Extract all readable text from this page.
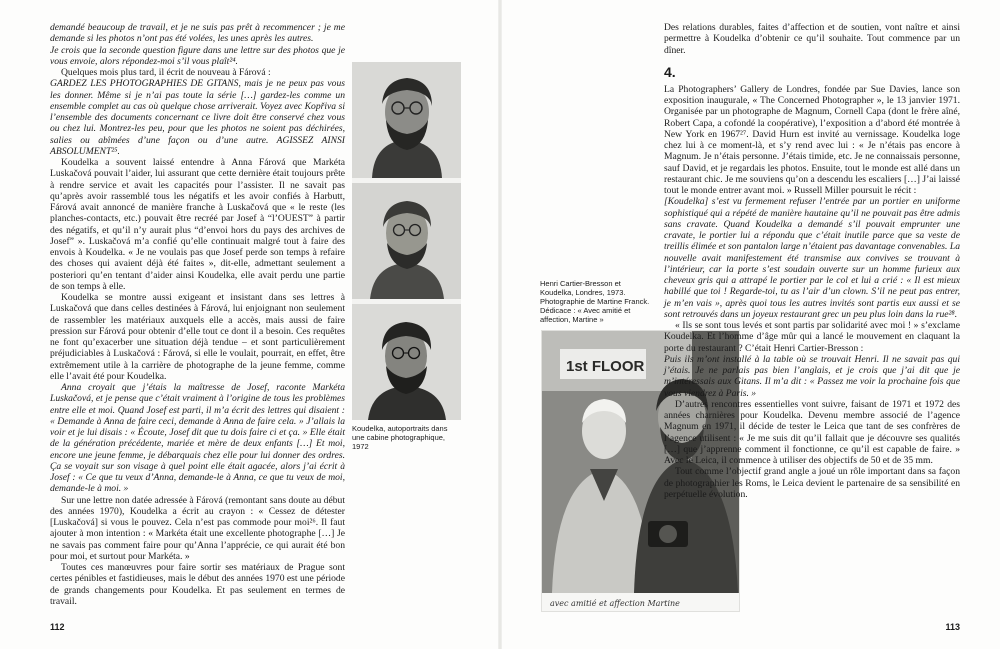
demandé beaucoup de travail, et je ne suis pas prêt à recommencer ; je me demande si les photos n’ont pas été volées, les unes après les autres.

Je crois que la seconde question figure dans une lettre sur des photos que je vous envoie, alors répondez-moi s’il vous plaît²⁴.

Quelques mois plus tard, il écrit de nouveau à Fárová :

GARDEZ LES PHOTOGRAPHIES DE GITANS, mais je ne peux pas vous les donner. Même si je n’ai pas toute la série […] gardez-les comme un ensemble complet au cas où quelque chose arriverait. Voyez avec Kopřiva si l’ensemble des documents concernant ce livre doit être conservé chez vous ou chez lui. Montrez-les peu, pour que les photos ne soient pas déchirées, salies ou abîmées d’une façon ou d’une autre. AGISSEZ AINSI ABSOLUMENT²⁵.

Koudelka a souvent laissé entendre à Anna Fárová que Markéta Luskačová pouvait l’aider, lui assurant que cette dernière était toujours prête à rendre service et avait les capacités pour l’assister. Il ne savait pas qu’après avoir rassemblé tous les négatifs et les avoir confiés à Harbutt, Fárová avait annoncé de manière franche à Luskačová que « le reste (les planches-contacts, etc.) pouvait être recréé par Josef à “l’OUEST” à partir des négatifs, et qu’il n’y aurait plus “d’envoi hors du pays des archives de Josef” ». Luskačová m’a confié qu’elle continuait malgré tout à faire des envois à Koudelka. « Je ne voulais pas que Josef perde son temps à refaire des choses qui avaient déjà été faites », dit-elle, admettant seulement a posteriori qu’en tentant d’aider ainsi Koudelka, elle avait perdu une partie de son temps à elle.

Koudelka se montre aussi exigeant et insistant dans ses lettres à Luskačová que dans celles destinées à Fárová, lui enjoignant non seulement de rassembler les matériaux auxquels elle a accès, mais aussi de faire pression sur Fárová pour obtenir d’elle tout ce dont il a besoin. Ces requêtes ne font qu’exacerber une situation déjà tendue – et sont particulièrement préjudiciables à Luskačová : Fárová, si elle le voulait, pourrait, en effet, être extrêmement utile à la carrière de photographe de la jeune femme, comme elle l’avait été pour Koudelka.

Anna croyait que j’étais la maîtresse de Josef, raconte Markéta Luskačová, et je pense que c’était vraiment à l’origine de tous les problèmes entre elle et moi. Quand Josef est parti, il m’a écrit des lettres qui disaient : « Demande à Anna de faire ceci, demande à Anna de faire cela. » J’allais la voir et je lui disais : « Écoute, Josef dit que tu dois faire ci et ça. » Elle était de la génération précédente, mariée et mère de deux enfants […] Et moi, encore une jeune femme, je débarquais chez elle pour lui donner des ordres. Ça se voyait sur son visage à quel point elle était agacée, alors j’ai écrit à Josef : « Ce que tu veux d’Anna, demande-le à Anna, ce que tu veux de moi, demande-le à moi. »

Sur une lettre non datée adressée à Fárová (remontant sans doute au début des années 1970), Koudelka a écrit au crayon : « Cessez de détester [Luskačová] si vous le pouvez. Cela n’est pas commode pour moi²⁶. Il faut ajouter à mon intention : « Markéta était une excellente photographe […] Je ne savais pas comment faire pour qu’Anna l’apprécie, ce qui aurait été bon pour moi, et surtout pour Markéta. »

Toutes ces manœuvres pour faire sortir ses matériaux de Prague sont certes pénibles et fastidieuses, mais le début des années 1970 est une période de grands changements pour Koudelka. Et pas seulement en termes de travail.

Koudelka, autoportraits dans une cabine photographique, 1972
112
Henri Cartier-Bresson et Koudelka, Londres, 1973. Photographie de Martine Franck. Dédicace : « Avec amitié et affection, Martine »
1st FLOOR
avec amitié et affection Martine

Des relations durables, faites d’affection et de soutien, vont naître et ainsi permettre à Koudelka d’obtenir ce qu’il souhaite. Tout commence par un dîner.

4.

La Photographers’ Gallery de Londres, fondée par Sue Davies, lance son exposition inaugurale, « The Concerned Photographer », le 13 janvier 1971. Organisée par un photographe de Magnum, Cornell Capa (dont le frère aîné, Robert Capa, a cofondé la coopérative), l’exposition a d’abord été montrée à New York en 1967²⁷. David Hurn est invité au vernissage. Koudelka loge chez lui à ce moment-là, et s’y rend avec lui : « Je n’étais pas encore à Magnum. Je n’étais personne. J’étais timide, etc. Je ne connaissais personne, sauf David, et je regardais les photos. Ensuite, tout le monde est allé dans un restaurant chic. Je me souviens qu’on a descendu les escaliers […] J’ai laissé tout le monde entrer avant moi. » Russell Miller poursuit le récit :

[Koudelka] s’est vu fermement refuser l’entrée par un portier en uniforme sophistiqué qui a répété de manière hautaine qu’il ne pouvait pas être admis sans cravate. Quand Koudelka a demandé s’il pouvait emprunter une cravate, le portier lui a répondu que c’était inutile parce que sa veste de treillis élimée et son pantalon large n’étaient pas davantage convenables. La nouvelle avait manifestement été transmise aux convives se trouvant à l’intérieur, car la porte s’est soudain ouverte sur un homme furieux aux cheveux gris qui a attrapé le portier par le col et lui a crié : « Il est mieux habillé que toi ! Regarde-toi, tu as l’air d’un clown. S’il ne peut pas entrer, je m’en vais », après quoi tous les autres invités sont partis eux aussi et se sont retrouvés dans un joyeux restaurant grec un peu plus loin dans la rue²⁸.

« Ils se sont tous levés et sont partis par solidarité avec moi ! » s’exclame Koudelka. Et l’homme d’âge mûr qui a lancé le mouvement en claquant la porte du restaurant ? C’était Henri Cartier-Bresson :

Puis ils m’ont installé à la table où se trouvait Henri. Il ne savait pas qui j’étais. Je ne parlais pas bien l’anglais, et je crois que j’ai dit que je m’intéressais aux Gitans. Il m’a dit : « Passez me voir la prochaine fois que vous viendrez à Paris. »

D’autres rencontres essentielles vont suivre, faisant de 1971 et 1972 des années charnières pour Koudelka. Devenu membre associé de l’agence Magnum en 1971, il décide de tester le Leica que tant de ses confrères de l’agence utilisent : « Je me suis dit qu’il fallait que je découvre ses qualités […] que j’apprenne comment il fonctionne, ce qu’il est capable de faire. » Avec le Leica, il commence à utiliser des objectifs de 50 et de 35 mm.

Tout comme l’objectif grand angle a joué un rôle important dans sa façon de photographier les Roms, le Leica devient le partenaire de sa sensibilité en perpétuelle évolution.

113
